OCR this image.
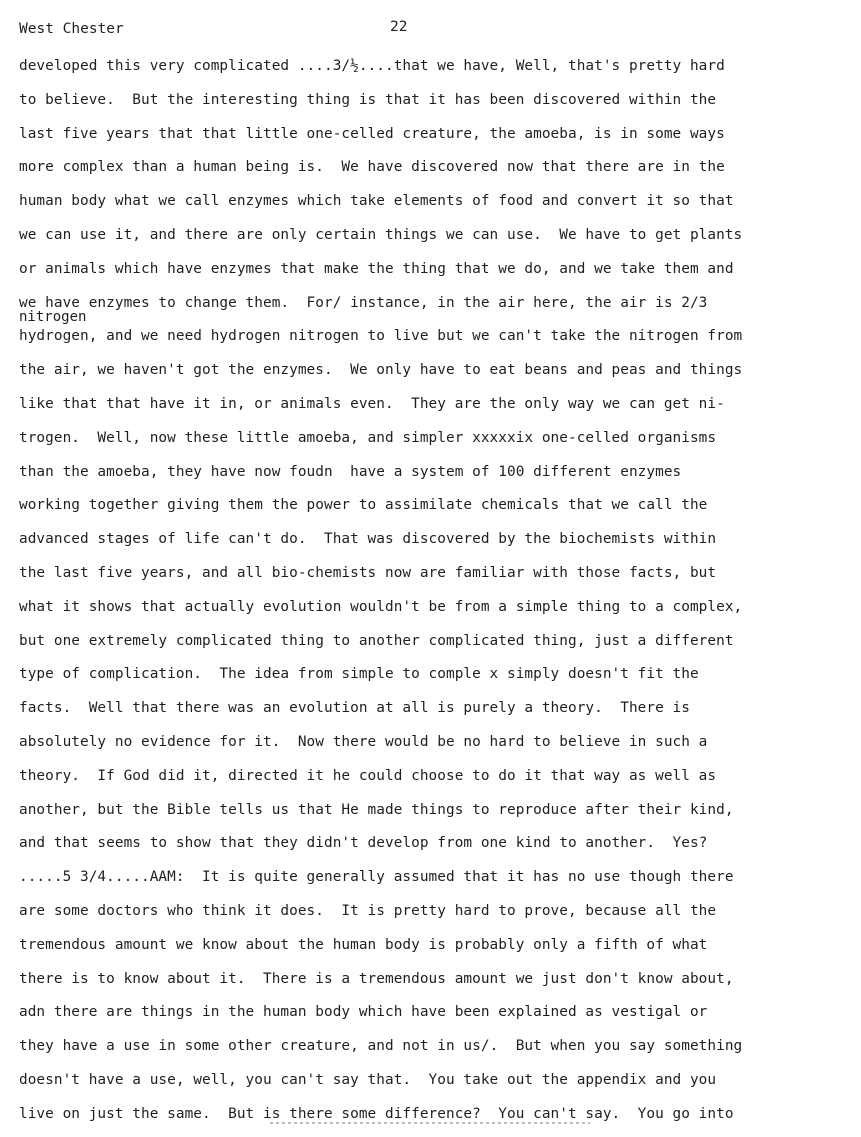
West Chester	22
nitrogen
developed this very complicated ....3/½....that we have, Well, that's pretty hard
to believe.  But the interesting thing is that it has been discovered within the
last five years that that little one-celled creature, the amoeba, is in some ways
more complex than a human being is.  We have discovered now that there are in the
human body what we call enzymes which take elements of food and convert it so that
we can use it, and there are only certain things we can use.  We have to get plants
or animals which have enzymes that make the thing that we do, and we take them and
we have enzymes to change them.  For/ instance, in the air here, the air is 2/3
hydrogen, and we need hydrogen nitrogen to live but we can't take the nitrogen from
the air, we haven't got the enzymes.  We only have to eat beans and peas and things
like that that have it in, or animals even.  They are the only way we can get ni-
trogen.  Well, now these little amoeba, and simpler xxxxxix one-celled organisms
than the amoeba, they have now foudn  have a system of 100 different enzymes
working together giving them the power to assimilate chemicals that we call the
advanced stages of life can't do.  That was discovered by the biochemists within
the last five years, and all bio-chemists now are familiar with those facts, but
what it shows that actually evolution wouldn't be from a simple thing to a complex,
but one extremely complicated thing to another complicated thing, just a different
type of complication.  The idea from simple to comple x simply doesn't fit the
facts.  Well that there was an evolution at all is purely a theory.  There is
absolutely no evidence for it.  Now there would be no hard to believe in such a
theory.  If God did it, directed it he could choose to do it that way as well as
another, but the Bible tells us that He made things to reproduce after their kind,
and that seems to show that they didn't develop from one kind to another.  Yes?
.....5 3/4.....AAM:  It is quite generally assumed that it has no use though there
are some doctors who think it does.  It is pretty hard to prove, because all the
tremendous amount we know about the human body is probably only a fifth of what
there is to know about it.  There is a tremendous amount we just don't know about,
adn there are things in the human body which have been explained as vestigal or
they have a use in some other creature, and not in us/.  But when you say something
doesn't have a use, well, you can't say that.  You take out the appendix and you
live on just the same.  But is there some difference?  You can't say.  You go into
